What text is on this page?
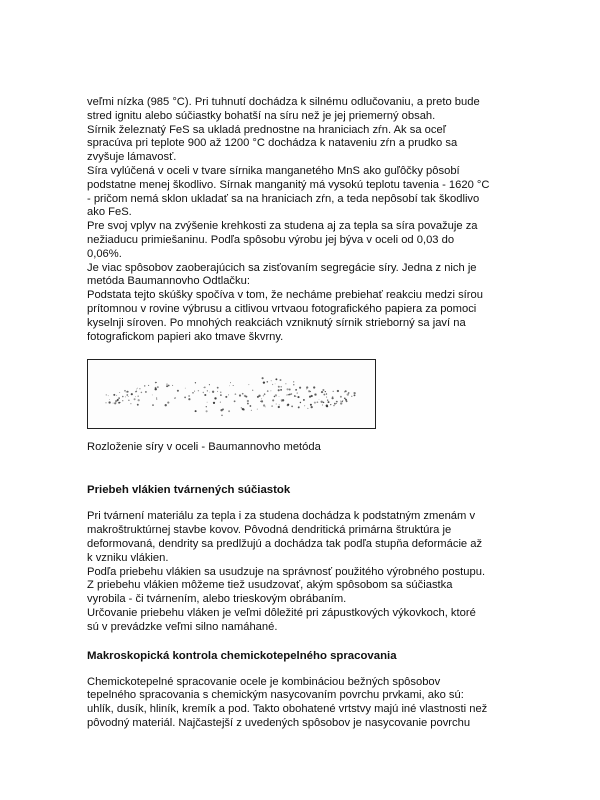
veľmi nízka (985 °C). Pri tuhnutí dochádza k silnému odlučovaniu, a preto bude
stred ignitu alebo súčiastky bohatší na síru než je jej priemerný obsah.
Sírnik železnatý FeS sa ukladá prednostne na hraniciach zŕn. Ak sa oceľ
spracúva pri teplote 900 až 1200 °C dochádza k nataveniu zŕn a prudko sa
zvyšuje lámavosť.
Síra vylúčená v oceli v tvare sírnika manganetého MnS ako guľôčky pôsobí
podstatne menej škodlivo. Sírnak manganitý má vysokú teplotu tavenia - 1620 °C
- pričom nemá sklon ukladať sa na hraniciach zŕn, a teda nepôsobí tak škodlivo
ako FeS.
Pre svoj vplyv na zvýšenie krehkosti za studena aj za tepla sa síra považuje za
nežiaducu primiešaninu. Podľa spôsobu výrobu jej býva v oceli od 0,03 do
0,06%.
Je viac spôsobov zaoberajúcich sa zisťovaním segregácie síry. Jedna z nich je
metóda Baumannovho Odtlačku:
Podstata tejto skúšky spočíva v tom, že necháme prebiehať reakciu medzi sírou
prítomnou v rovine výbrusu a citlivou vrtvaou fotografického papiera za pomoci
kyselnji síroven. Po mnohých reakciách vzniknutý sírnik strieborný sa javí na
fotografickom papieri ako tmave škvrny.
Rozloženie síry v oceli - Baumannovho metóda
Priebeh vlákien tvárnených súčiastok
Pri tvárnení materiálu za tepla i za studena dochádza k podstatným zmenám v
makroštruktúrnej stavbe kovov. Pôvodná dendritická primárna štruktúra je
deformovaná, dendrity sa predlžujú a dochádza tak podľa stupňa deformácie až
k vzniku vlákien.
Podľa priebehu vlákien sa usudzuje na správnosť použitého výrobného postupu.
Z priebehu vlákien môžeme tiež usudzovať, akým spôsobom sa súčiastka
vyrobila - či tvárnením, alebo trieskovým obrábaním.
Určovanie priebehu vláken je veľmi dôležité pri zápustkových výkovkoch, ktoré
sú v prevádzke veľmi silno namáhané.
Makroskopická kontrola chemickotepelného spracovania
Chemickotepelné spracovanie ocele je kombináciou bežných spôsobov
tepelného spracovania s chemickým nasycovaním povrchu prvkami, ako sú:
uhlík, dusík, hliník, kremík a pod. Takto obohatené vrtstvy majú iné vlastnosti než
pôvodný materiál. Najčastejší z uvedených spôsobov je nasycovanie povrchu
